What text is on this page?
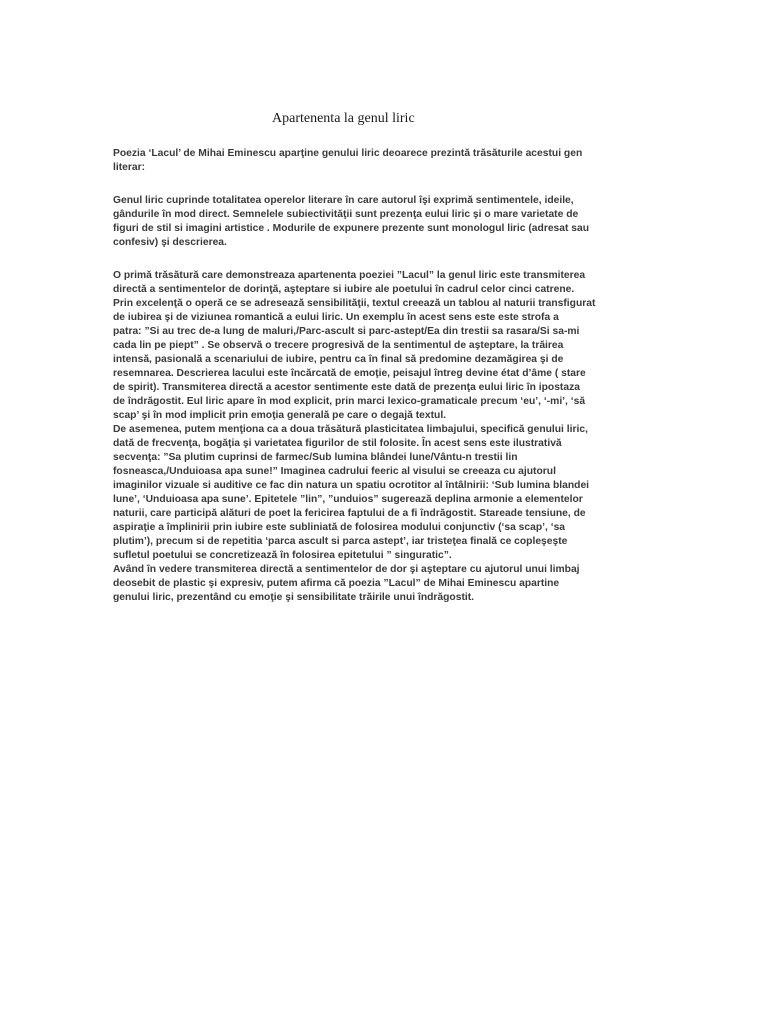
Apartenenta la genul liric
Poezia ‘Lacul’ de Mihai Eminescu aparţine genului liric deoarece prezintă trăsăturile acestui gen
literar:
Genul liric cuprinde totalitatea operelor literare în care autorul îşi exprimă sentimentele, ideile,
gândurile în mod direct. Semnelele subiectivităţii sunt prezenţa eului liric şi o mare varietate de
figuri de stil si imagini artistice . Modurile de expunere prezente sunt monologul liric (adresat sau
confesiv) şi descrierea.
O primă trăsătură care demonstreaza apartenenta poeziei ”Lacul” la genul liric este transmiterea
directă a sentimentelor de dorinţă, aşteptare si iubire ale poetului în cadrul celor cinci catrene.
Prin excelenţă o operă ce se adresează sensibilităţii, textul creează un tablou al naturii transfigurat
de iubirea şi de viziunea romantică a eului liric. Un exemplu în acest sens este este strofa a
patra: ”Si au trec de-a lung de maluri,/Parc-ascult si parc-astept/Ea din trestii sa rasara/Si sa-mi
cada lin pe piept” . Se observă o trecere progresivă de la sentimentul de aşteptare, la trăirea
intensă, pasională a scenariului de iubire, pentru ca în final să predomine dezamăgirea şi de
resemnarea. Descrierea lacului este încărcată de emoţie, peisajul întreg devine état d’âme ( stare
de spirit). Transmiterea directă a acestor sentimente este dată de prezenţa eului liric în ipostaza
de îndrăgostit. Eul liric apare în mod explicit, prin marci lexico-gramaticale precum ‘eu’, ‘-mi’, ‘să
scap’ şi în mod implicit prin emoţia generală pe care o degajă textul.
De asemenea, putem menţiona ca a doua trăsătură plasticitatea limbajului, specifică genului liric,
dată de frecvenţa, bogăţia şi varietatea figurilor de stil folosite. În acest sens este ilustrativă
secvenţa: ”Sa plutim cuprinsi de farmec/Sub lumina blândei lune/Vântu-n trestii lin
fosneasca,/Unduioasa apa sune!” Imaginea cadrului feeric al visului se creeaza cu ajutorul
imaginilor vizuale si auditive ce fac din natura un spatiu ocrotitor al întâlnirii: ‘Sub lumina blandei
lune’, ‘Unduioasa apa sune’. Epitetele ”lin”, ”unduios” sugerează deplina armonie a elementelor
naturii, care participă alături de poet la fericirea faptului de a fi îndrăgostit. Stareade tensiune, de
aspiraţie a împlinirii prin iubire este subliniată de folosirea modului conjunctiv (‘sa scap’, ‘sa
plutim’), precum si de repetitia ‘parca ascult si parca astept’, iar tristeţea finală ce copleşeşte
sufletul poetului se concretizează în folosirea epitetului ” singuratic”.
Având în vedere transmiterea directă a sentimentelor de dor şi aşteptare cu ajutorul unui limbaj
deosebit de plastic şi expresiv, putem afirma că poezia ”Lacul” de Mihai Eminescu apartine
genului liric, prezentând cu emoţie şi sensibilitate trăirile unui îndrăgostit.
